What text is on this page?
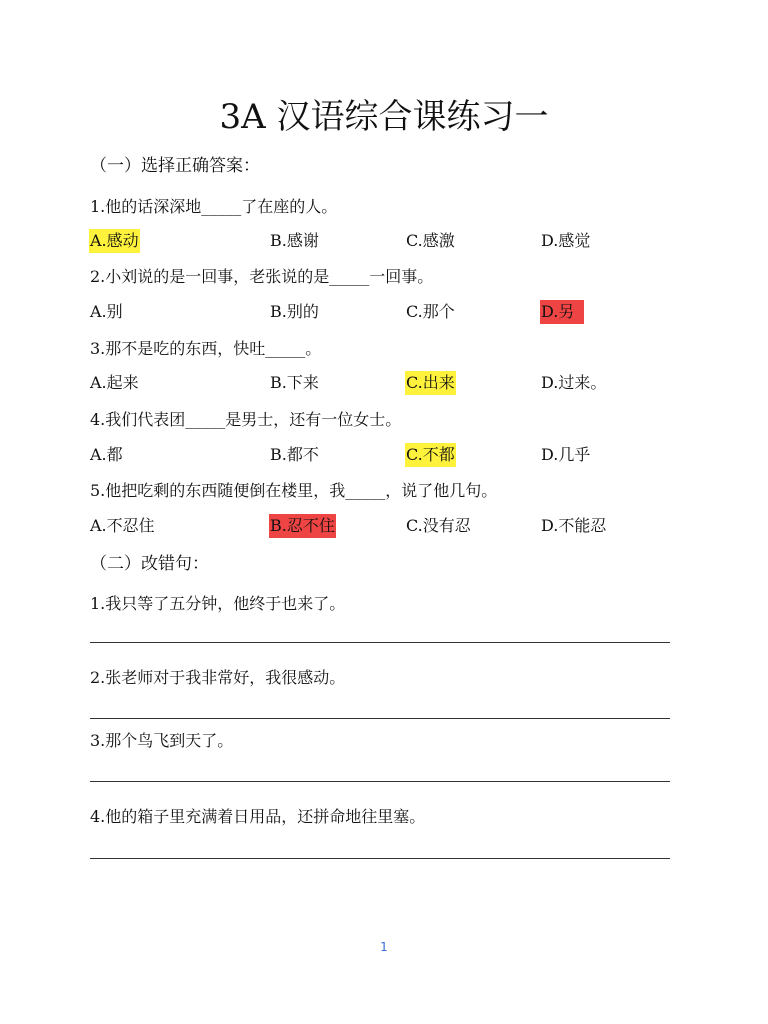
3A 汉语综合课练习一
（一）选择正确答案：
1.他的话深深地_____了在座的人。
A.感动	B.感谢	C.感激	D.感觉
2.小刘说的是一回事，老张说的是_____一回事。
A.别	B.别的	C.那个	D.另
3.那不是吃的东西，快吐_____。
A.起来	B.下来	C.出来	D.过来。
4.我们代表团_____是男士，还有一位女士。
A.都	B.都不	C.不都	D.几乎
5.他把吃剩的东西随便倒在楼里，我_____，说了他几句。
A.不忍住	B.忍不住	C.没有忍	D.不能忍
（二）改错句：
1.我只等了五分钟，他终于也来了。
2.张老师对于我非常好，我很感动。
3.那个鸟飞到天了。
4.他的箱子里充满着日用品，还拼命地往里塞。
1
